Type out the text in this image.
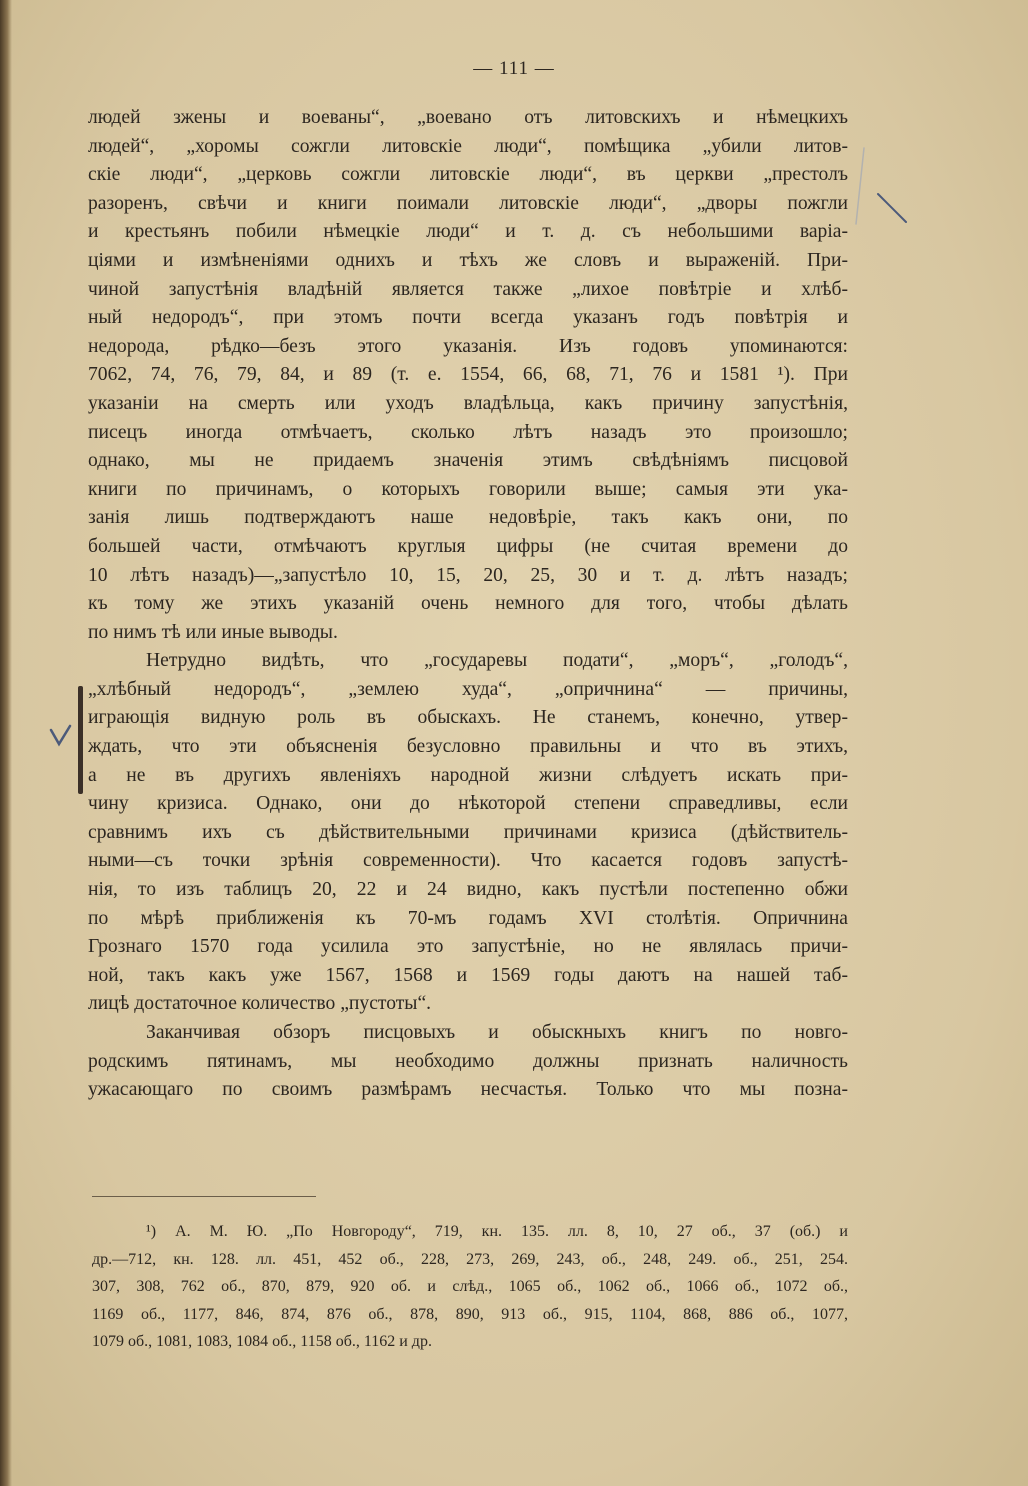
— 111 —
людей зжены и воеваны“, „воевано отъ литовскихъ и нѣмецкихъ
людей“, „хоромы сожгли литовскіе люди“, помѣщика „убили литов-
скіе люди“, „церковь сожгли литовскіе люди“, въ церкви „престолъ
разоренъ, свѣчи и книги поимали литовскіе люди“, „дворы пожгли
и крестьянъ побили нѣмецкіе люди“ и т. д. съ небольшими варіа-
ціями и измѣненіями однихъ и тѣхъ же словъ и выраженій. При-
чиной запустѣнія владѣній является также „лихое повѣтріе и хлѣб-
ный недородъ“, при этомъ почти всегда указанъ годъ повѣтрія и
недорода, рѣдко—безъ этого указанія. Изъ годовъ упоминаются:
7062, 74, 76, 79, 84, и 89 (т. е. 1554, 66, 68, 71, 76 и 1581 ¹). При
указаніи на смерть или уходъ владѣльца, какъ причину запустѣнія,
писецъ иногда отмѣчаетъ, сколько лѣтъ назадъ это произошло;
однако, мы не придаемъ значенія этимъ свѣдѣніямъ писцовой
книги по причинамъ, о которыхъ говорили выше; самыя эти ука-
занія лишь подтверждаютъ наше недовѣріе, такъ какъ они, по
большей части, отмѣчаютъ круглыя цифры (не считая времени до
10 лѣтъ назадъ)—„запустѣло 10, 15, 20, 25, 30 и т. д. лѣтъ назадъ;
къ тому же этихъ указаній очень немного для того, чтобы дѣлать
по нимъ тѣ или иные выводы.
Нетрудно видѣть, что „государевы подати“, „моръ“, „голодъ“,
„хлѣбный недородъ“, „землею худа“, „опричнина“ — причины,
играющія видную роль въ обыскахъ. Не станемъ, конечно, утвер-
ждать, что эти объясненія безусловно правильны и что въ этихъ,
а не въ другихъ явленіяхъ народной жизни слѣдуетъ искать при-
чину кризиса. Однако, они до нѣкоторой степени справедливы, если
сравнимъ ихъ съ дѣйствительными причинами кризиса (дѣйствитель-
ными—съ точки зрѣнія современности). Что касается годовъ запустѣ-
нія, то изъ таблицъ 20, 22 и 24 видно, какъ пустѣли постепенно обжи
по мѣрѣ приближенія къ 70-мъ годамъ XVI столѣтія. Опричнина
Грознаго 1570 года усилила это запустѣніе, но не являлась причи-
ной, такъ какъ уже 1567, 1568 и 1569 годы даютъ на нашей таб-
лицѣ достаточное количество „пустоты“.
Заканчивая обзоръ писцовыхъ и обыскныхъ книгъ по новго-
родскимъ пятинамъ, мы необходимо должны признать наличность
ужасающаго по своимъ размѣрамъ несчастья. Только что мы позна-
¹) А. М. Ю. „По Новгороду“, 719, кн. 135. лл. 8, 10, 27 об., 37 (об.) и
др.—712, кн. 128. лл. 451, 452 об., 228, 273, 269, 243, об., 248, 249. об., 251, 254.
307, 308, 762 об., 870, 879, 920 об. и слѣд., 1065 об., 1062 об., 1066 об., 1072 об.,
1169 об., 1177, 846, 874, 876 об., 878, 890, 913 об., 915, 1104, 868, 886 об., 1077,
1079 об., 1081, 1083, 1084 об., 1158 об., 1162 и др.
